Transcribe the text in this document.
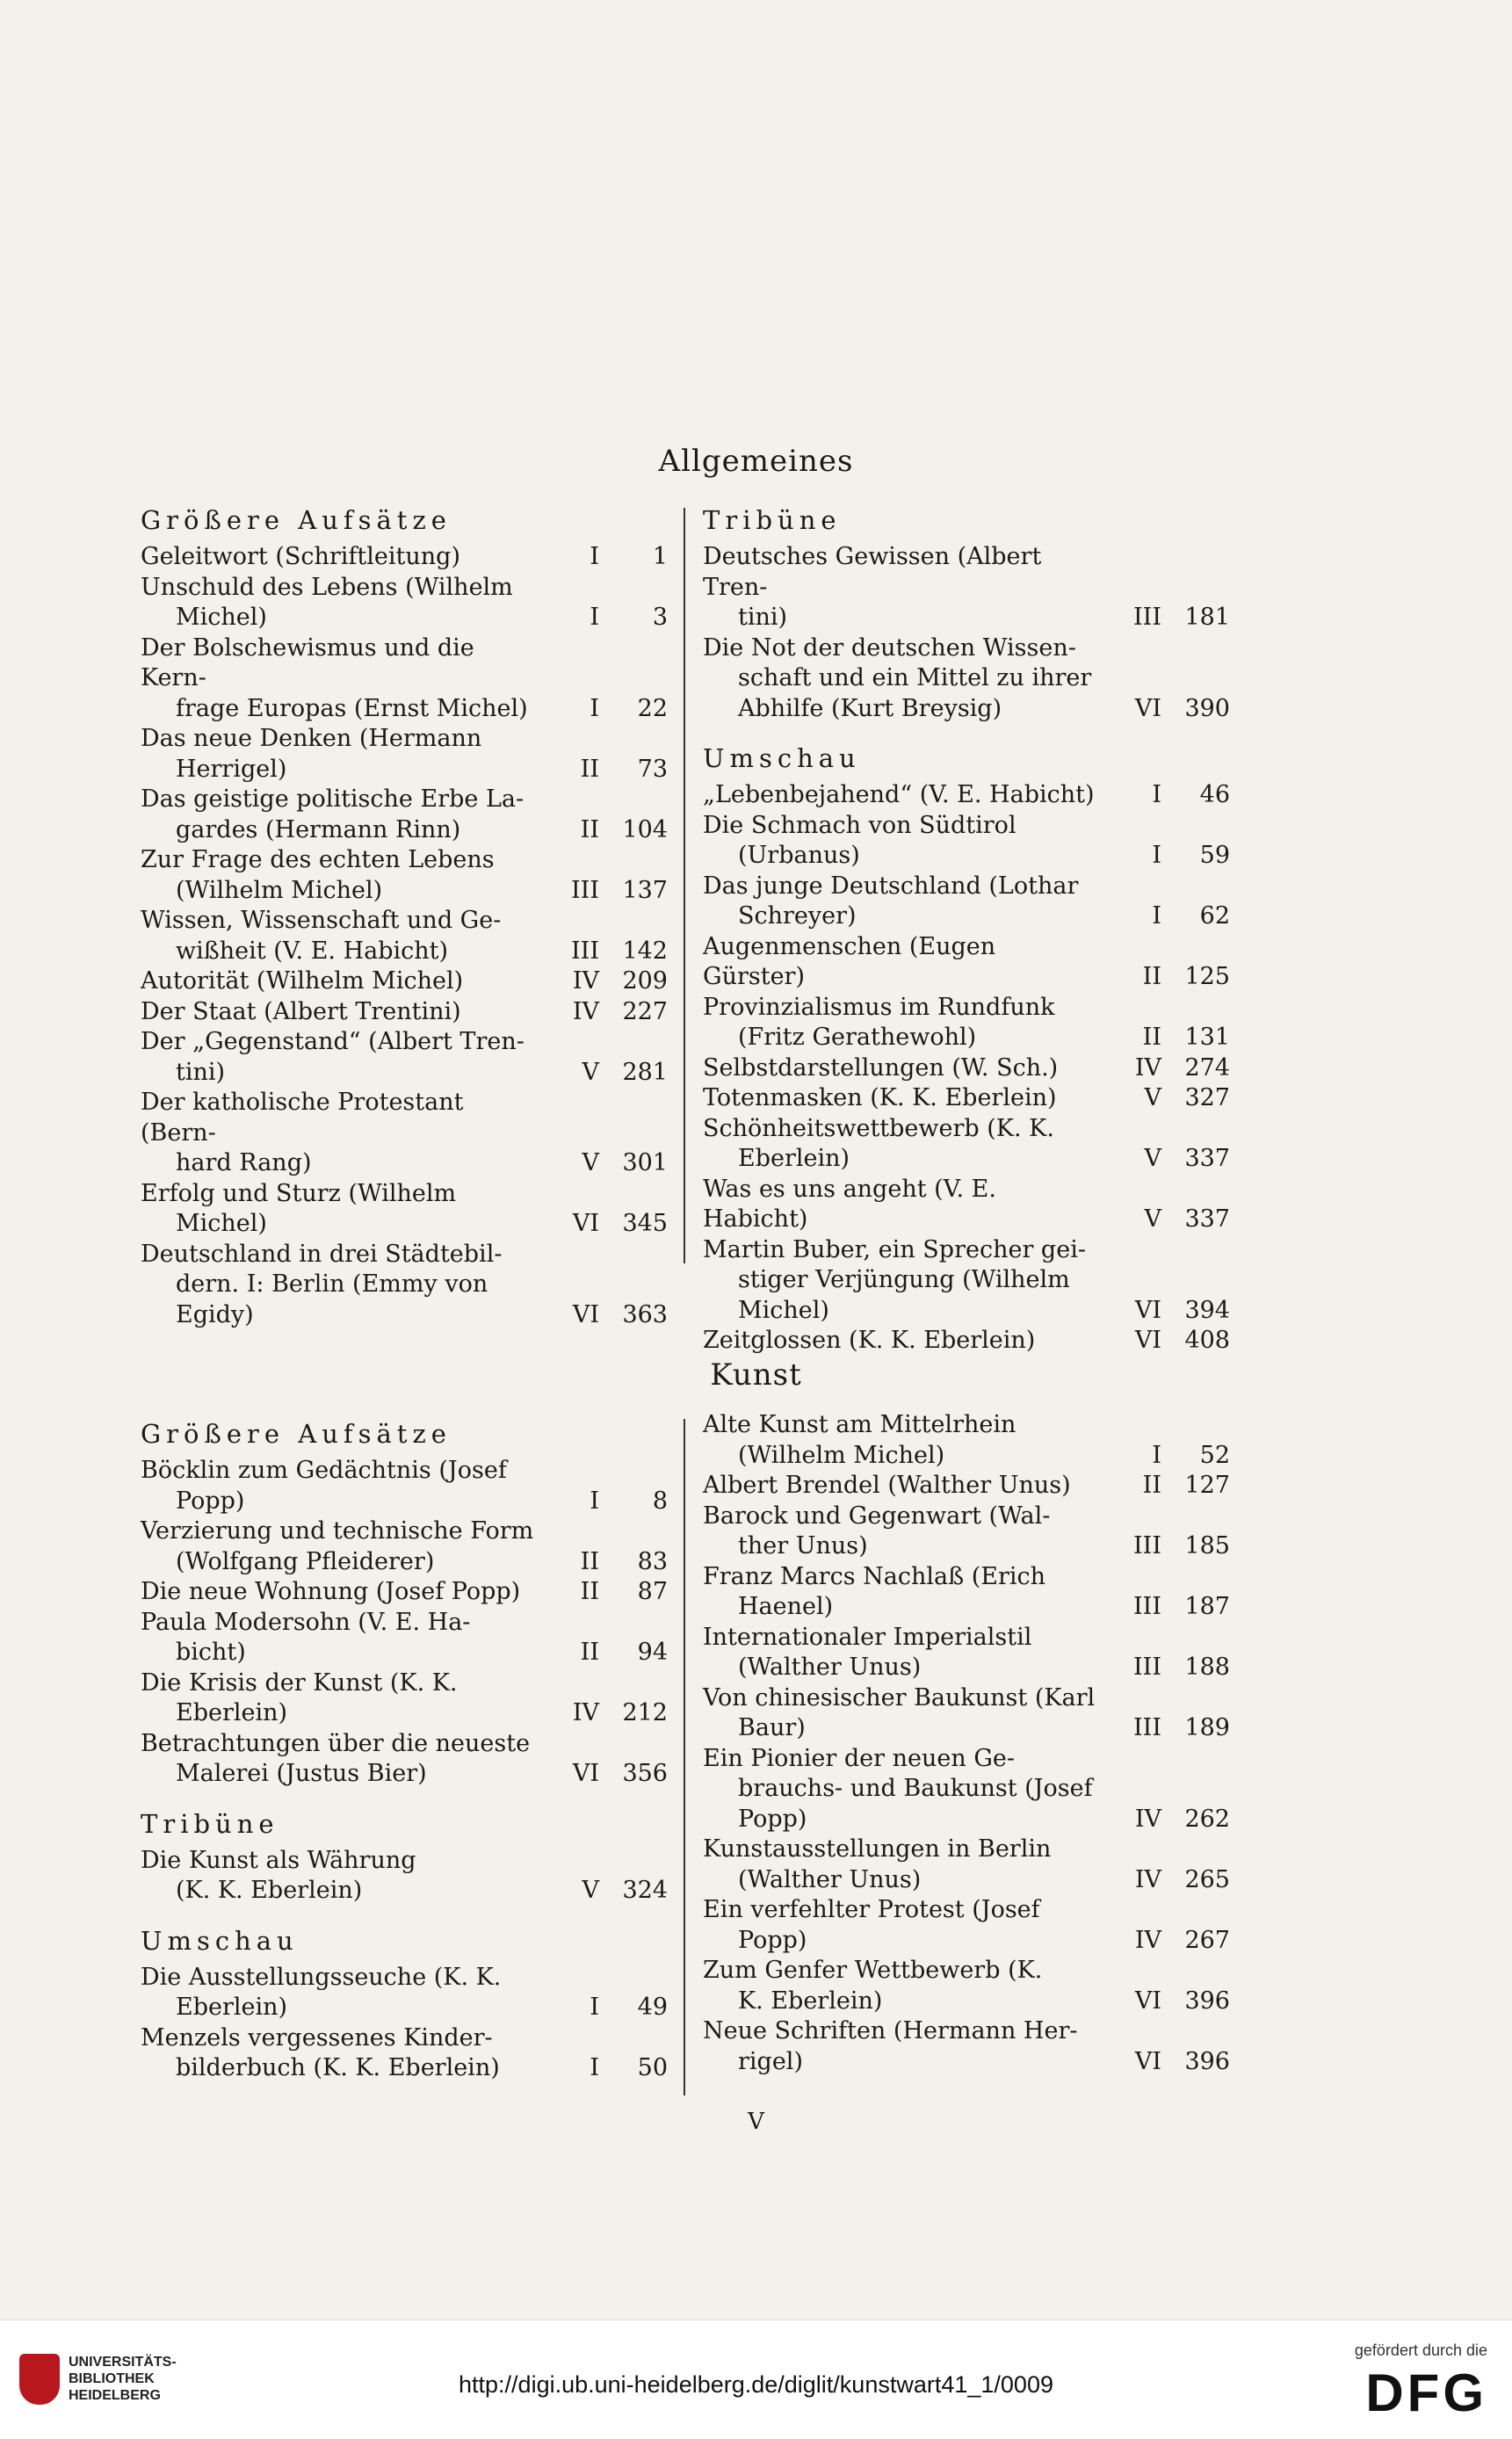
Allgemeines
Größere Aufsätze
Geleitwort (Schriftleitung)	I	1
Unschuld des Lebens (Wilhelm
Michel)	I	3
Der Bolschewismus und die Kern-
frage Europas (Ernst Michel)	I	22
Das neue Denken (Hermann
Herrigel)	II	73
Das geistige politische Erbe La-
gardes (Hermann Rinn)	II 104
Zur Frage des echten Lebens
(Wilhelm Michel)	III 137
Wissen, Wissenschaft und Ge-
wißheit (V. E. Habicht)	III 142
Autorität (Wilhelm Michel)	IV 209
Der Staat (Albert Trentini)	IV 227
Der „Gegenstand“ (Albert Tren-
tini)	V 281
Der katholische Protestant (Bern-
hard Rang)	V 301
Erfolg und Sturz (Wilhelm
Michel)	VI 345
Deutschland in drei Städtebil-
dern. I: Berlin (Emmy von
Egidy)	VI 363
Tribüne
Deutsches Gewissen (Albert Tren-
tini)	III 181
Die Not der deutschen Wissen-
schaft und ein Mittel zu ihrer
Abhilfe (Kurt Breysig)	VI 390
Umschau
„Lebenbejahend“ (V. E. Habicht)	I	46
Die Schmach von Südtirol
(Urbanus)	I	59
Das junge Deutschland (Lothar
Schreyer)	I	62
Augenmenschen (Eugen Gürster)	II 125
Provinzialismus im Rundfunk
(Fritz Gerathewohl)	II 131
Selbstdarstellungen (W. Sch.)	IV 274
Totenmasken (K. K. Eberlein)	V 327
Schönheitswettbewerb (K. K.
Eberlein)	V 337
Was es uns angeht (V. E. Habicht)	V 337
Martin Buber, ein Sprecher gei-
stiger Verjüngung (Wilhelm
Michel)	VI 394
Zeitglossen (K. K. Eberlein)	VI 408
Kunst
Größere Aufsätze
Böcklin zum Gedächtnis (Josef
Popp)	I	8
Verzierung und technische Form
(Wolfgang Pfleiderer)	II	83
Die neue Wohnung (Josef Popp)	II	87
Paula Modersohn (V. E. Ha-
bicht)	II	94
Die Krisis der Kunst (K. K.
Eberlein)	IV 212
Betrachtungen über die neueste
Malerei (Justus Bier)	VI 356
Tribüne
Die Kunst als Währung
(K. K. Eberlein)	V 324
Umschau
Die Ausstellungsseuche (K. K.
Eberlein)	I	49
Menzels vergessenes Kinder-
bilderbuch (K. K. Eberlein)	I	50
Alte Kunst am Mittelrhein
(Wilhelm Michel)	I	52
Albert Brendel (Walther Unus)	II 127
Barock und Gegenwart (Wal-
ther Unus)	III 185
Franz Marcs Nachlaß (Erich
Haenel)	III 187
Internationaler Imperialstil
(Walther Unus)	III 188
Von chinesischer Baukunst (Karl
Baur)	III 189
Ein Pionier der neuen Ge-
brauchs- und Baukunst (Josef
Popp)	IV 262
Kunstausstellungen in Berlin
(Walther Unus)	IV 265
Ein verfehlter Protest (Josef
Popp)	IV 267
Zum Genfer Wettbewerb (K.
K. Eberlein)	VI 396
Neue Schriften (Hermann Her-
rigel)	VI 396
V
UNIVERSITÄTS-
BIBLIOTHEK
HEIDELBERG	http://digi.ub.uni-heidelberg.de/diglit/kunstwart41_1/0009
gefördert durch die
DFG
